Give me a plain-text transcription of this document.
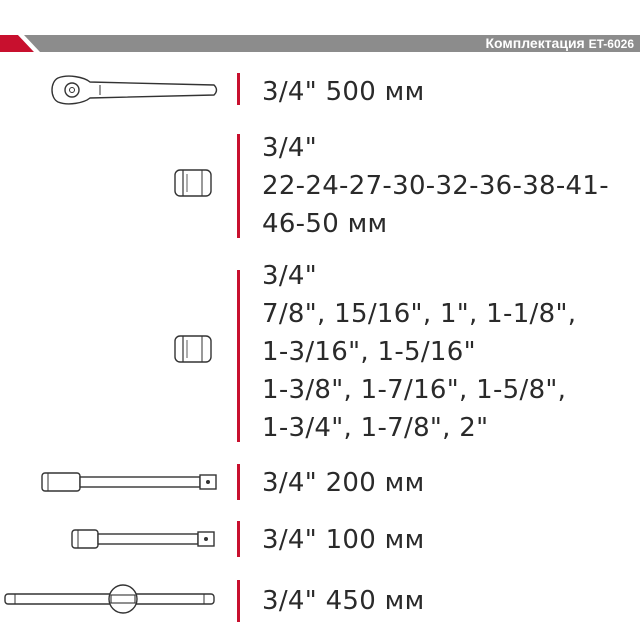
Комплектация ET-6026
3/4" 500 мм
3/4"
22-24-27-30-32-36-38-41-
46-50 мм
3/4"
7/8", 15/16", 1", 1-1/8",
1-3/16", 1-5/16"
1-3/8", 1-7/16", 1-5/8",
1-3/4", 1-7/8", 2"
3/4" 200 мм
3/4" 100 мм
3/4" 450 мм
